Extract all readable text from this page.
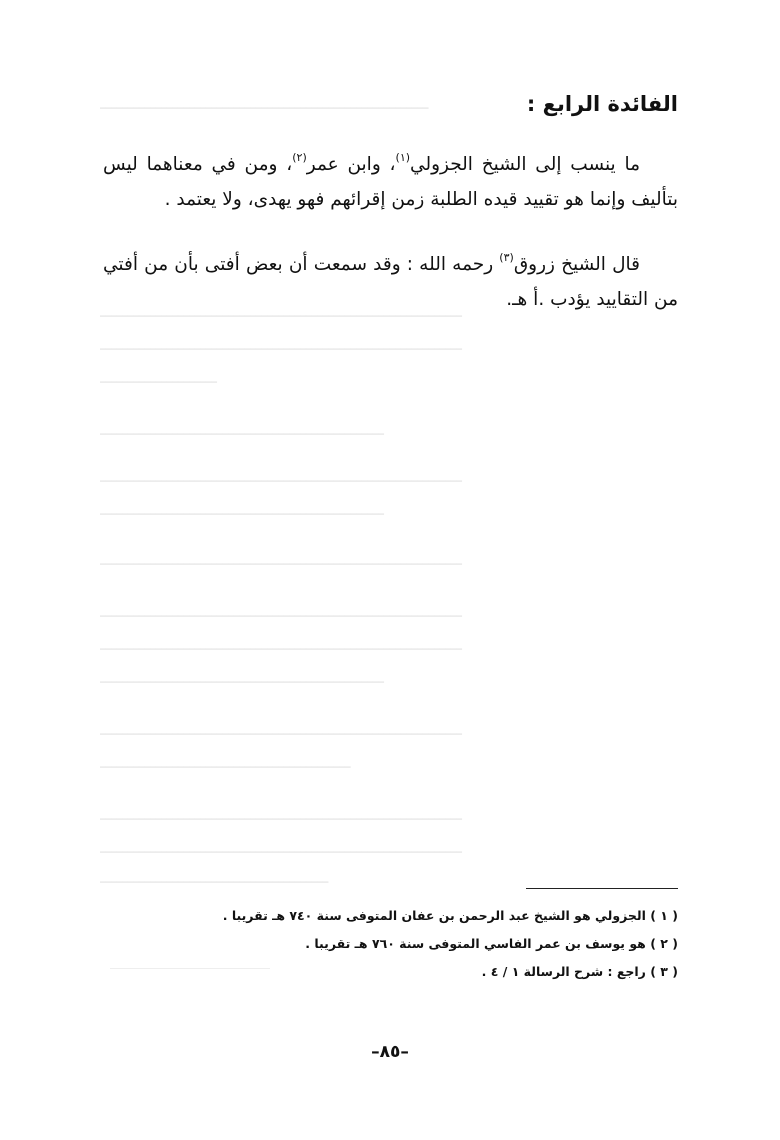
ـــــــــــــــــــــــــــــــــــــــــــــــــــــــــــ
ـــــــــــــــــــــــــــــــــــــــــــــــــــــــــــــــــ
ـــــــــــــــــــــــــــــــــــــــــــــــــــــــــــــــــ
ـــــــــــــــــــــ
ـــــــــــــــــــــــــــــــــــــــــــــــــــ
ـــــــــــــــــــــــــــــــــــــــــــــــــــــــــــــــــ
ـــــــــــــــــــــــــــــــــــــــــــــــــــ
ـــــــــــــــــــــــــــــــــــــــــــــــــــــــــــــــــ
ـــــــــــــــــــــــــــــــــــــــــــــــــــــــــــــــــ
ـــــــــــــــــــــــــــــــــــــــــــــــــــــــــــــــــ
ـــــــــــــــــــــــــــــــــــــــــــــــــــ
ـــــــــــــــــــــــــــــــــــــــــــــــــــــــــــــــــ
ـــــــــــــــــــــــــــــــــــــــــــــ
ـــــــــــــــــــــــــــــــــــــــــــــــــــــــــــــــــ
ـــــــــــــــــــــــــــــــــــــــــــــــــــــــــــــــــ
ـــــــــــــــــــــــــــــــــــــــــ
الفائدة الرابع :

ما ينسب إلى الشيخ الجزولي$^{(١)}$، وابن عمر$^{(٢)}$، ومن في معناهما ليس بتأليف وإنما هو تقييد قيده الطلبة زمن إقرائهم فهو يهدى، ولا يعتمد .

قال الشيخ زروق$^{(٣)}$ رحمه الله : وقد سمعت أن بعض أفتى بأن من أفتي من التقاييد يؤدب .أ هـ.

( ١ ) الجزولي هو الشيخ عبد الرحمن بن عفان المتوفى سنة ٧٤٠ هـ تقريبا .
( ٢ ) هو يوسف بن عمر الفاسي المتوفى سنة ٧٦٠ هـ تقريبا .
( ٣ ) راجع : شرح الرسالة ١ / ٤ .
–٨٥–
